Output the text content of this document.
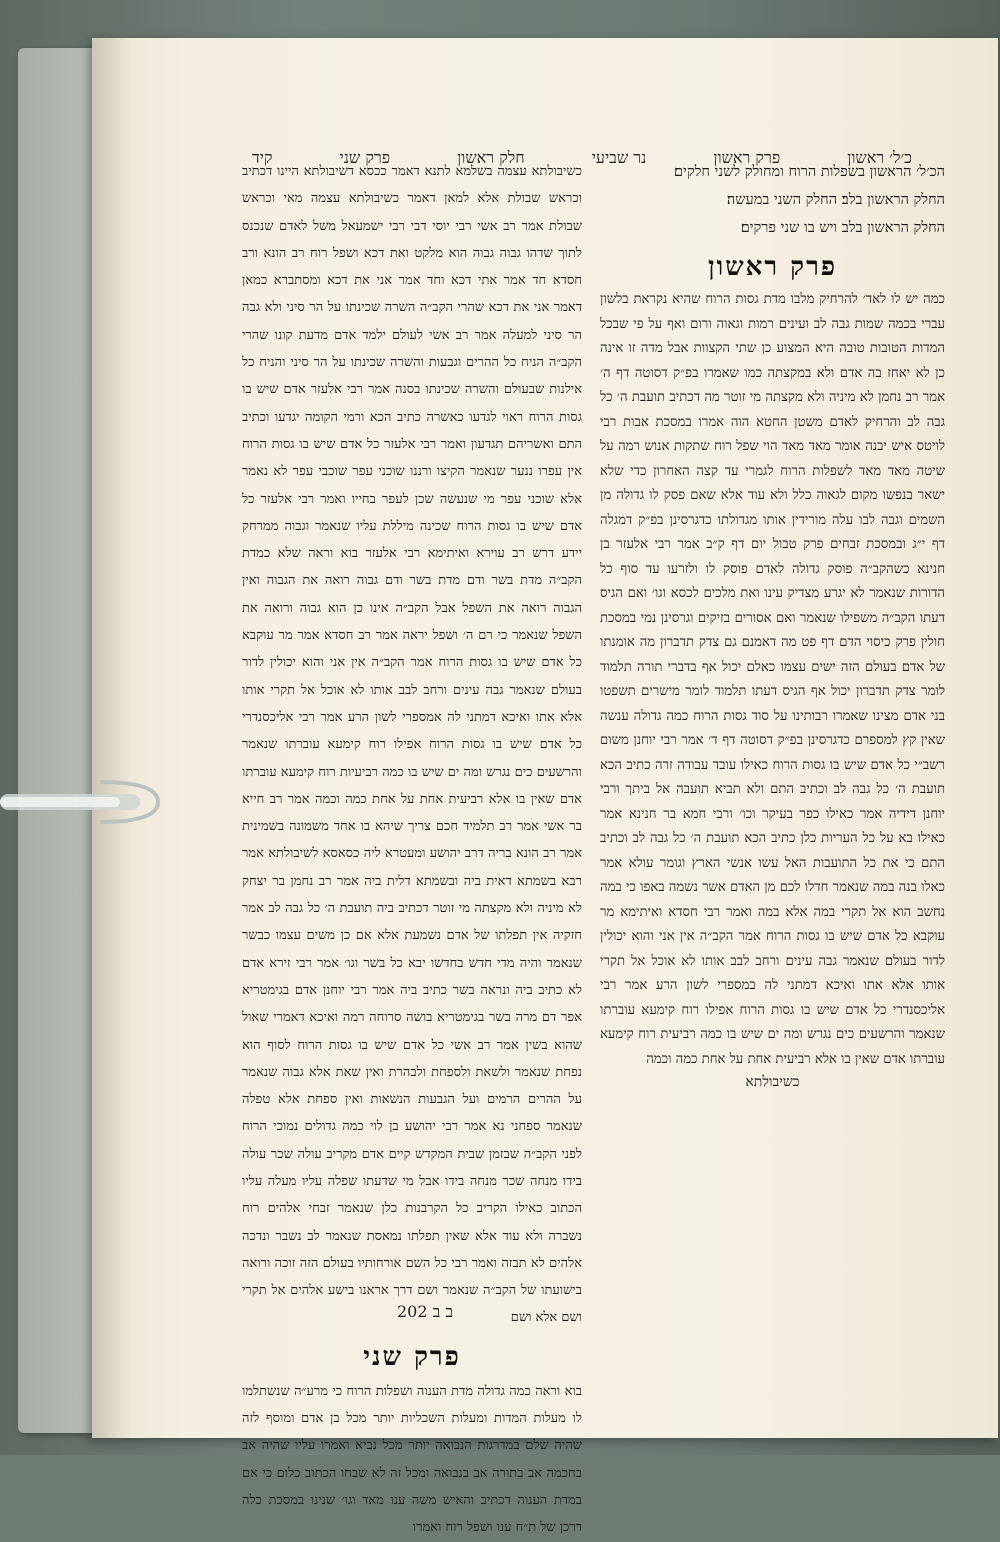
כ׳ל׳ ראשון
פרק ראשון
נר שביעי
חלק ראשון
פרק שני
קיד

הכ׳ל׳ הראשון בשפלות הרוח ומחולק לשני חלקים׃

החלק הראשון בלב׃ החלק השני במעשה׃

החלק הראשון בלב ויש בו שני פרקים׃

פרק ראשון

כמה יש לו לאד׳ להרחיק מלבו מדת גסות הרוח שהיא נקראת בלשון עברי בכמה שמות גבה לב ועינים רמות וגאוה ורום ואף על פי שבכל המדות הטובות טובה היא המצוע כן שתי הקצוות אבל מדה זו אינה כן לא יאחז בה אדם ולא במקצתה כמו שאמרו בפ״ק דסוטה דף ה׳ אמר רב נחמן לא מיניה ולא מקצתה מי זוטר מה דכתיב תועבת ה׳ כל גבה לב והרחיק לאדם משטן החטא הוה אמרו במסכת אבות רבי לויטס איש יבנה אומר מאד מאד הוי שפל רוח שתקות אנוש רמה על שיטה מאד מאד לשפלות הרוח לגמרי עד קצה האחרון כדי שלא ישאר בנפשו מקום לגאוה כלל ולא עוד אלא שאם פסק לו גדולה מן השמים וגבה לבו עלה מורידין אותו מגדולתו כדגרסינן בפ״ק דמגלה דף י״ג ובמסכת זבחים פרק טבול יום דף ק״ב אמר רבי אלעזר בן חנינא כשהקב״ה פוסק גדולה לאדם פוסק לו ולזרעו עד סוף כל הדורות שנאמר לא יגרע מצדיק עינו ואת מלכים לכסא וגו׳ ואם הגיס דעתו הקב״ה משפילו שנאמר ואם אסורים בזיקים וגרסינן נמי במסכת חולין פרק כיסוי הדם דף פט מה דאמנם גם צדק תדברון מה אומנתו של אדם בעולם הזה ישים עצמו כאלם יכול אף בדברי תורה תלמוד לומר צדק תדברון יכול אף הגיס דעתו תלמוד לומר מישרים תשפטו בני אדם מצינו שאמרו רבותינו על סוד גסות הרוח כמה גדולה ענשה שאין קץ למספרם כדגרסינן בפ״ק דסוטה דף ד׳ אמר רבי יוחנן משום רשב״י כל אדם שיש בו גסות הרוח כאילו עובד עבודה זרה כתיב הכא תועבת ה׳ כל גבה לב וכתיב התם ולא תביא תועבה אל ביתך ורבי יוחנן דידיה אמר כאילו כפר בעיקר וכו׳ ורבי חמא בר חנינא אמר כאילו בא על כל העריות כלן כתיב הכא תועבת ה׳ כל גבה לב וכתיב התם כי את כל התועבות האל עשו אנשי הארץ וגומר עולא אמר כאלו בנה במה שנאמר חדלו לכם מן האדם אשר נשמה באפו כי במה נחשב הוא אל תקרי במה אלא במה ואמר רבי חסדא ואיתימא מר עוקבא כל אדם שיש בו גסות הרוח אמר הקב״ה אין אני והוא יכולין לדור בעולם שנאמר גבה עינים ורחב לבב אותו לא אוכל אל תקרי אותו אלא אתו ואיכא דמתני לה במספרי לשון הרע אמר רבי אליכסנדרי כל אדם שיש בו גסות הרוח אפילו רוח קימעא עוברתו שנאמר והרשעים כים נגרש ומה ים שיש בו כמה רביעית רוח קימעא עוברתו אדם שאין בו אלא רביעית אחת על אחת כמה וכמה

כשיבולתא

כשיבולתא עצמה בשלמא לתנא דאמר ככסא דשיבולתא היינו דכתיב וכראש שבולת אלא למאן דאמר כשיבולתא עצמה מאי וכראש שבולת אמר רב אשי רבי יוסי דבי רבי ישמעאל משל לאדם שנכנס לתוך שדהו גבוה גבוה הוא מלקט ואת דכא ושפל רוח רב הונא ורב חסדא חד אמר אתי דכא וחד אמר אני את דכא ומסתברא כמאן דאמר אני את דכא שהרי הקב״ה השרה שכינתו על הר סיני ולא גבה הר סיני למעלה אמר רב אשי לעולם ילמד אדם מדעת קונו שהרי הקב״ה הניח כל ההרים וגבעות והשרה שכינתו על הר סיני והניח כל אילנות שבעולם והשרה שכינתו בסנה אמר רבי אלעזר אדם שיש בו גסות הרוח ראוי לגדעו כאשרה כתיב הכא ורמי הקומה יגדעו וכתיב התם ואשריהם תגדעון ואמר רבי אלעזר כל אדם שיש בו גסות הרוח אין עפרו ננער שנאמר הקיצו ורננו שוכני עפר שוכבי עפר לא נאמר אלא שוכני עפר מי שנעשה שכן לעפר בחייו ואמר רבי אלעזר כל אדם שיש בו גסות הרוח שכינה מיללת עליו שנאמר וגבוה ממרחק יידע דרש רב עוירא ואיתימא רבי אלעזר בוא וראה שלא כמדת הקב״ה מדת בשר ודם מדת בשר ודם גבוה רואה את הגבוה ואין הגבוה רואה את השפל אבל הקב״ה אינו כן הוא גבוה ורואה את השפל שנאמר כי רם ה׳ ושפל יראה אמר רב חסדא אמר מר עוקבא כל אדם שיש בו גסות הרוח אמר הקב״ה אין אני והוא יכולין לדור בעולם שנאמר גבה עינים ורחב לבב אותו לא אוכל אל תקרי אותו אלא אתו ואיכא דמתני לה אמספרי לשון הרע אמר רבי אליכסנדרי כל אדם שיש בו גסות הרוח אפילו רוח קימעא עוברתו שנאמר והרשעים כים נגרש ומה ים שיש בו כמה רביעיות רוח קימעא עוברתו אדם שאין בו אלא רביעית אחת על אחת כמה וכמה אמר רב חייא בר אשי אמר רב תלמיד חכם צריך שיהא בו אחד משמונה בשמינית אמר רב הונא בריה דרב יהושע ומעטרא ליה כסאסא לשיבולתא אמר רבא בשמתא דאית ביה ובשמתא דלית ביה אמר רב נחמן בר יצחק לא מיניה ולא מקצתה מי זוטר דכתיב ביה תועבת ה׳ כל גבה לב אמר חזקיה אין תפלתו של אדם נשמעת אלא אם כן משים עצמו כבשר שנאמר והיה מדי חדש בחדשו יבא כל בשר וגו׳ אמר רבי זירא אדם לא כתיב ביה ונראה בשר כתיב ביה אמר רבי יוחנן אדם בגימטריא אפר דם מרה בשר בגימטריא בושה סרוחה רמה ואיכא דאמרי שאול שהוא בשין אמר רב אשי כל אדם שיש בו גסות הרוח לסוף הוא נפחת שנאמר ולשאת ולספחת ולבהרת ואין שאת אלא גבוה שנאמר על ההרים הרמים ועל הגבעות הנשאות ואין ספחת אלא טפלה שנאמר ספחני נא אמר רבי יהושע בן לוי כמה גדולים נמוכי הרוח לפני הקב״ה שבזמן שבית המקדש קיים אדם מקריב עולה שכר עולה בידו מנחה שכר מנחה בידו אבל מי שדעתו שפלה עליו מעלה עליו הכתוב כאילו הקריב כל הקרבנות כלן שנאמר זבחי אלהים רוח נשברה ולא עוד אלא שאין תפלתו נמאסת שנאמר לב נשבר ונדכה אלהים לא תבזה ואמר רבי כל השם אורחותיו בעולם הזה זוכה ורואה בישועתו של הקב״ה שנאמר ושם דרך אראנו בישע אלהים אל תקרי ושם אלא ושם

פרק שני

בוא וראה כמה גדולה מדת הענוה ושפלות הרוח כי מרע״ה שנשתלמו לו מעלות המדות ומעלות השכליות יותר מכל בן אדם ומוסף לזה שהיה שלם במדרגות הנבואה יותר מכל נביא ואמרו עליו שהיה אב בחכמה אב בתורה אב בנבואה ומכל זה לא שבחו הכתוב כלום כי אם במדת הענוה דכתיב והאיש משה ענו מאד וגו׳ שנינו במסכת כלה דרכן של ת״ח ענו ושפל רוח ואמרו

202 ב ב
